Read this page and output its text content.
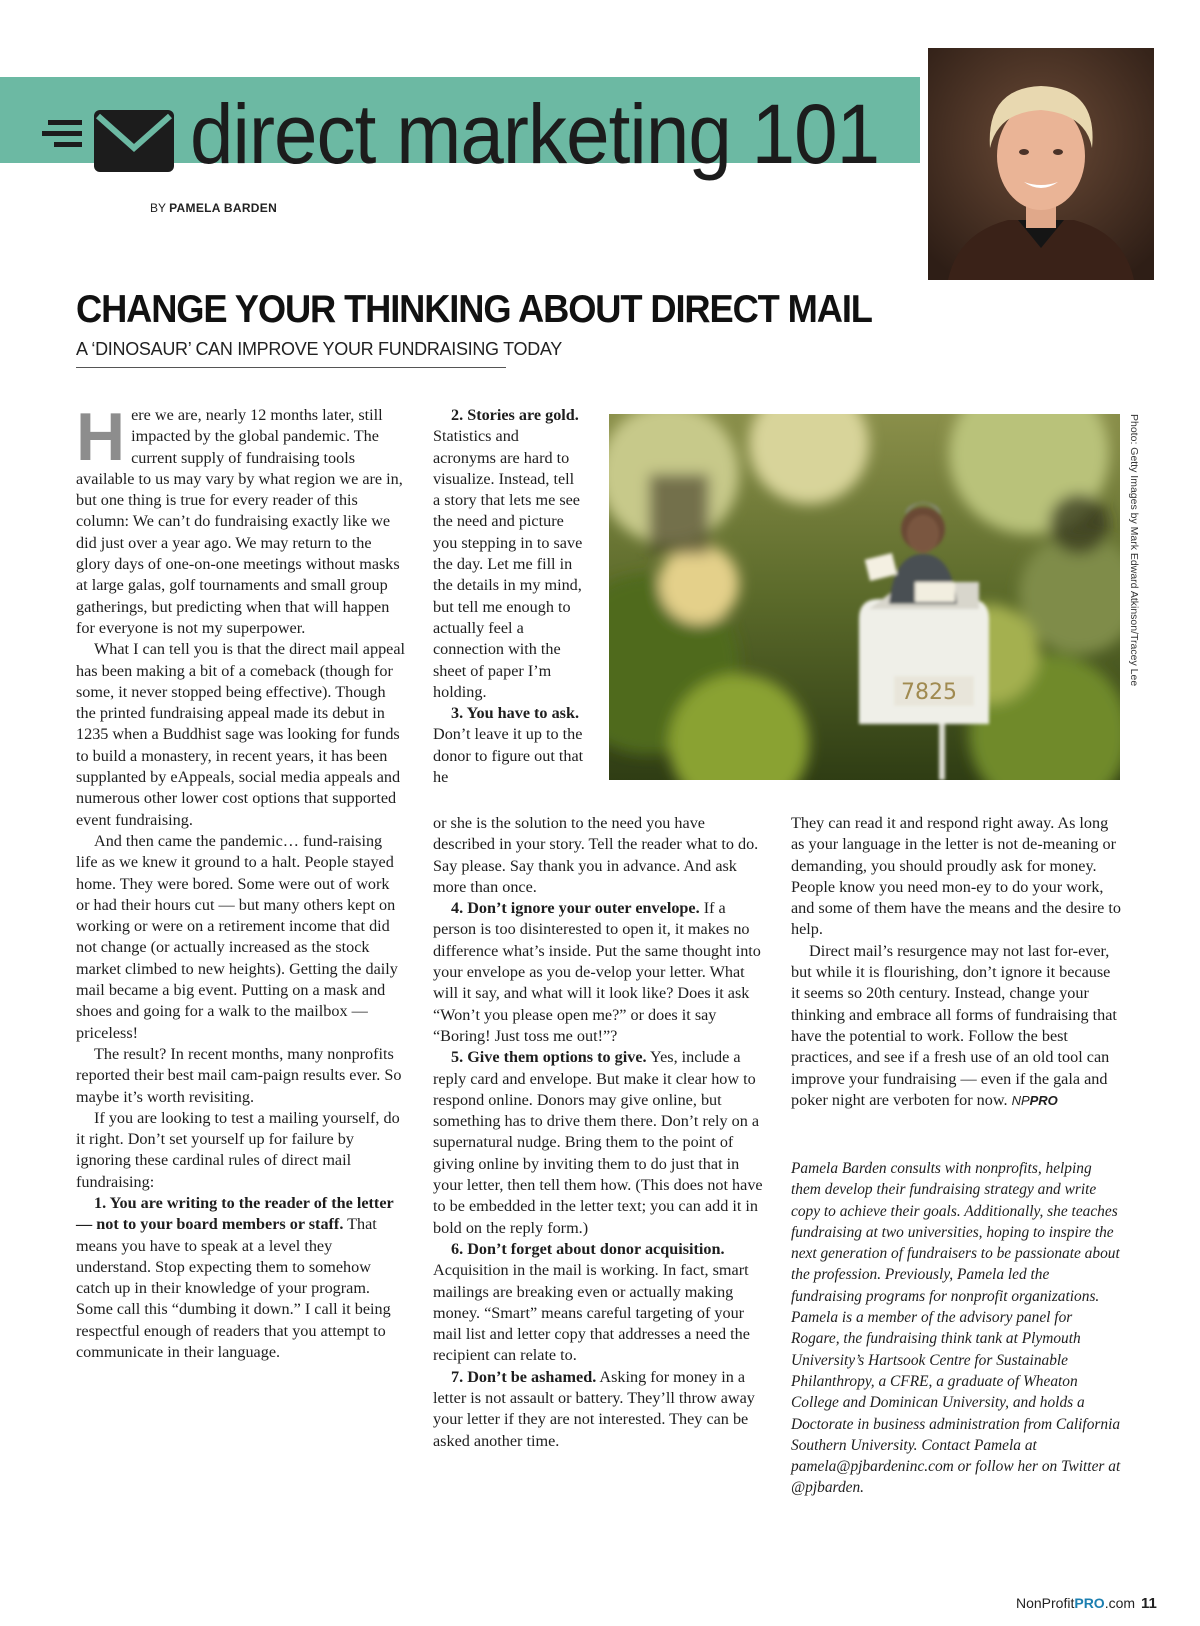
direct marketing 101
BY PAMELA BARDEN
CHANGE YOUR THINKING ABOUT DIRECT MAIL
A ‘DINOSAUR’ CAN IMPROVE YOUR FUNDRAISING TODAY

Here we are, nearly 12 months later, still impacted by the global pandemic. The current supply of fundraising tools available to us may vary by what region we are in, but one thing is true for every reader of this column: We can’t do fundraising exactly like we did just over a year ago. We may return to the glory days of one-on-one meetings without masks at large galas, golf tournaments and small group gatherings, but predicting when that will happen for everyone is not my superpower.

What I can tell you is that the direct mail appeal has been making a bit of a comeback (though for some, it never stopped being effective). Though the printed fundraising appeal made its debut in 1235 when a Buddhist sage was looking for funds to build a monastery, in recent years, it has been supplanted by eAppeals, social media appeals and numerous other lower cost options that supported event fundraising.

And then came the pandemic… fund-raising life as we knew it ground to a halt. People stayed home. They were bored. Some were out of work or had their hours cut — but many others kept on working or were on a retirement income that did not change (or actually increased as the stock market climbed to new heights). Getting the daily mail became a big event. Putting on a mask and shoes and going for a walk to the mailbox — priceless!

The result? In recent months, many nonprofits reported their best mail cam-paign results ever. So maybe it’s worth revisiting.

If you are looking to test a mailing yourself, do it right. Don’t set yourself up for failure by ignoring these cardinal rules of direct mail fundraising:

1. You are writing to the reader of the letter — not to your board members or staff. That means you have to speak at a level they understand. Stop expecting them to somehow catch up in their knowledge of your program. Some call this “dumbing it down.” I call it being respectful enough of readers that you attempt to communicate in their language.

2. Stories are gold. Statistics and acronyms are hard to visualize. Instead, tell a story that lets me see the need and picture you stepping in to save the day. Let me fill in the details in my mind, but tell me enough to actually feel a connection with the sheet of paper I’m holding.

3. You have to ask. Don’t leave it up to the donor to figure out that he

or she is the solution to the need you have described in your story. Tell the reader what to do. Say please. Say thank you in advance. And ask more than once.

4. Don’t ignore your outer envelope. If a person is too disinterested to open it, it makes no difference what’s inside. Put the same thought into your envelope as you de-velop your letter. What will it say, and what will it look like? Does it ask “Won’t you please open me?” or does it say “Boring! Just toss me out!”?

5. Give them options to give. Yes, include a reply card and envelope. But make it clear how to respond online. Donors may give online, but something has to drive them there. Don’t rely on a supernatural nudge. Bring them to the point of giving online by inviting them to do just that in your letter, then tell them how. (This does not have to be embedded in the letter text; you can add it in bold on the reply form.)

6. Don’t forget about donor acquisition. Acquisition in the mail is working. In fact, smart mailings are breaking even or actually making money. “Smart” means careful targeting of your mail list and letter copy that addresses a need the recipient can relate to.

7. Don’t be ashamed. Asking for money in a letter is not assault or battery. They’ll throw away your letter if they are not interested. They can be asked another time.

They can read it and respond right away. As long as your language in the letter is not de-meaning or demanding, you should proudly ask for money. People know you need mon-ey to do your work, and some of them have the means and the desire to help.

Direct mail’s resurgence may not last for-ever, but while it is flourishing, don’t ignore it because it seems so 20th century. Instead, change your thinking and embrace all forms of fundraising that have the potential to work. Follow the best practices, and see if a fresh use of an old tool can improve your fundraising — even if the gala and poker night are verboten for now. NPPRO

Pamela Barden consults with nonprofits, helping them develop their fundraising strategy and write copy to achieve their goals. Additionally, she teaches fundraising at two universities, hoping to inspire the next generation of fundraisers to be passionate about the profession. Previously, Pamela led the fundraising programs for nonprofit organizations. Pamela is a member of the advisory panel for Rogare, the fundraising think tank at Plymouth University’s Hartsook Centre for Sustainable Philanthropy, a CFRE, a graduate of Wheaton College and Dominican University, and holds a Doctorate in business administration from California Southern University. Contact Pamela at pamela@pjbardeninc.com or follow her on Twitter at @pjbarden.

7825
Photo: Getty Images by Mark Edward Atkinson/Tracey Lee
NonProfitPRO.com 11
